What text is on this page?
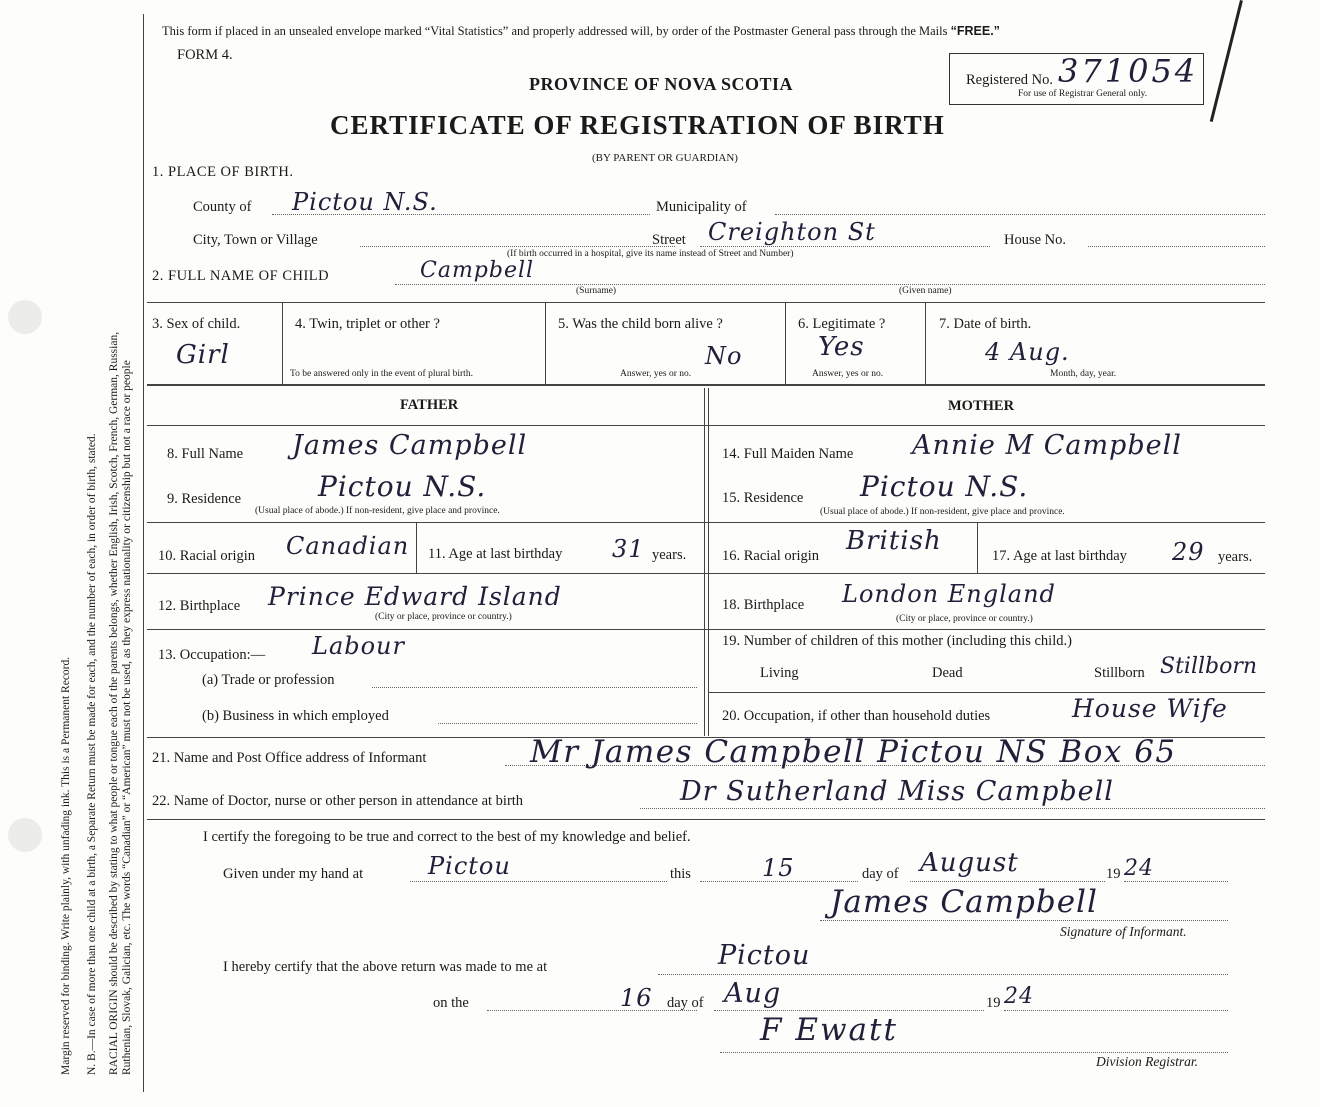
Margin reserved for binding. Write plainly, with unfading ink. This is a Permanent Record. N. B.—In case of more than one child at a birth, a Separate Return must be made for each, and the number of each, in order of birth, stated. RACIAL ORIGIN should be described by stating to what people or tongue each of the parents belongs, whether English, Irish, Scotch, French, German, Russian, Ruthenian, Slovak, Galician, etc. The words “Canadian” or “American” must not be used, as they express nationality or citizenship but not a race or people
This form if placed in an unsealed envelope marked “Vital Statistics” and properly addressed will, by order of the Postmaster General pass through the Mails “FREE.”
FORM 4.
PROVINCE OF NOVA SCOTIA
CERTIFICATE OF REGISTRATION OF BIRTH
(BY PARENT OR GUARDIAN)
Registered No. 371054
For use of Registrar General only.
1. PLACE OF BIRTH.
County of Pictou N.S.	Municipality of
City, Town or Village	Street Creighton St	House No.
(If birth occurred in a hospital, give its name instead of Street and Number)
2. FULL NAME OF CHILD	Campbell
(Surname)	(Given name)
3. Sex of child.
Girl
4. Twin, triplet or other ?
To be answered only in the event of plural birth.
5. Was the child born alive ?
No
Answer, yes or no.
6. Legitimate ?
Yes
Answer, yes or no.
7. Date of birth.
4 Aug.
Month, day, year.
FATHER	MOTHER
8. Full Name James Campbell	14. Full Maiden Name Annie M Campbell
9. Residence	Pictou N.S.
(Usual place of abode.) If non-resident, give place and province.
15. Residence Pictou N.S.
(Usual place of abode.) If non-resident, give place and province.
10. Racial origin Canadian 11. Age at last birthday 31 years. 16. Racial origin British	17. Age at last birthday 29 years.
12. Birthplace Prince Edward Island
(City or place, province or country.)
18. Birthplace London England
(City or place, province or country.)
13. Occupation:— Labour
(a) Trade or profession
(b) Business in which employed
19. Number of children of this mother (including this child.)
Living	Dead	Stillborn Stillborn
20. Occupation, if other than household duties	House Wife
21. Name and Post Office address of Informant	Mr James Campbell Pictou NS Box 65
22. Name of Doctor, nurse or other person in attendance at birth	Dr Sutherland Miss Campbell
I certify the foregoing to be true and correct to the best of my knowledge and belief.
Given under my hand at	Pictou	this	15	day of August	19 24
James Campbell
Signature of Informant.
I hereby certify that the above return was made to me at	Pictou
on the	16 day of Aug	19 24
F Ewatt
Division Registrar.
